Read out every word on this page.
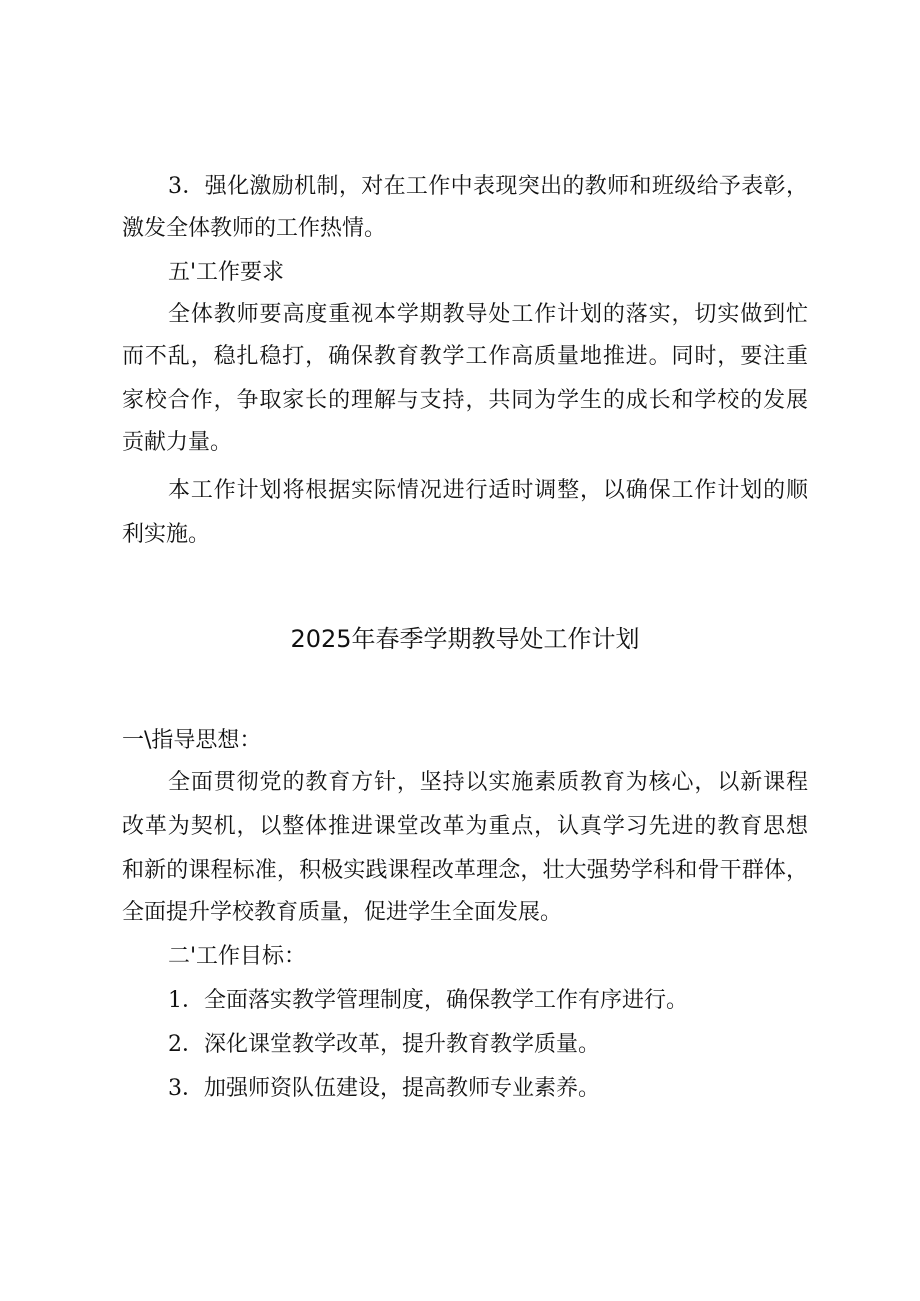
3．强化激励机制，对在工作中表现突出的教师和班级给予表彰，
激发全体教师的工作热情。
五'工作要求
全体教师要高度重视本学期教导处工作计划的落实，切实做到忙
而不乱，稳扎稳打，确保教育教学工作高质量地推进。同时，要注重
家校合作，争取家长的理解与支持，共同为学生的成长和学校的发展
贡献力量。
本工作计划将根据实际情况进行适时调整，以确保工作计划的顺
利实施。
2025年春季学期教导处工作计划
一\指导思想：
全面贯彻党的教育方针，坚持以实施素质教育为核心，以新课程
改革为契机，以整体推进课堂改革为重点，认真学习先进的教育思想
和新的课程标准，积极实践课程改革理念，壮大强势学科和骨干群体，
全面提升学校教育质量，促进学生全面发展。
二'工作目标：
1．全面落实教学管理制度，确保教学工作有序进行。
2．深化课堂教学改革，提升教育教学质量。
3．加强师资队伍建设，提高教师专业素养。
